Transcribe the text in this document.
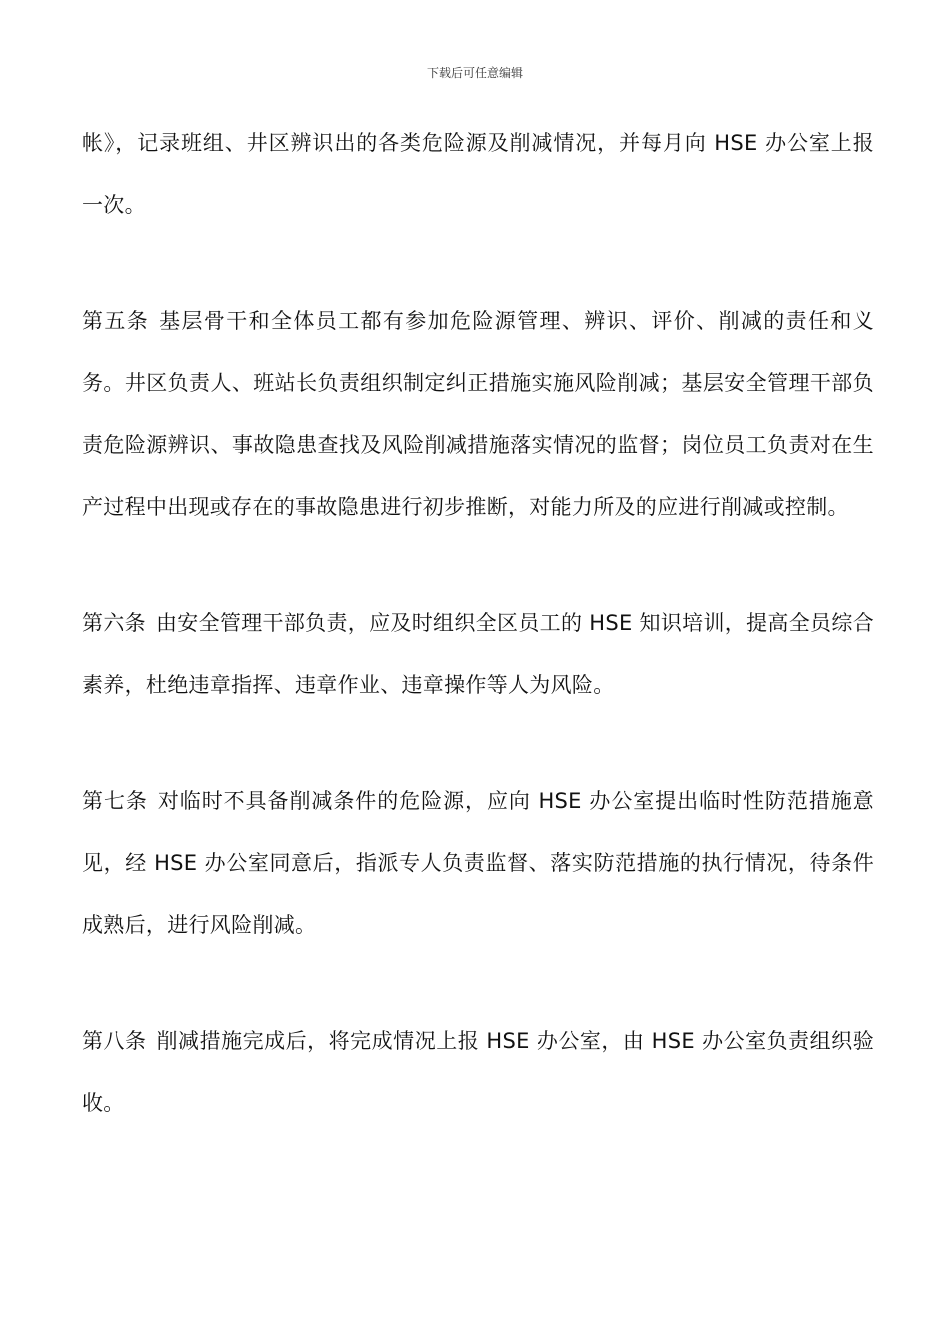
下载后可任意编辑

帐》，记录班组、井区辨识出的各类危险源及削减情况，并每月向 HSE 办公室上报一次。

第五条 基层骨干和全体员工都有参加危险源管理、辨识、评价、削减的责任和义务。井区负责人、班站长负责组织制定纠正措施实施风险削减；基层安全管理干部负责危险源辨识、事故隐患查找及风险削减措施落实情况的监督；岗位员工负责对在生产过程中出现或存在的事故隐患进行初步推断，对能力所及的应进行削减或控制。

第六条 由安全管理干部负责，应及时组织全区员工的 HSE 知识培训，提高全员综合素养，杜绝违章指挥、违章作业、违章操作等人为风险。

第七条 对临时不具备削减条件的危险源，应向 HSE 办公室提出临时性防范措施意见，经 HSE 办公室同意后，指派专人负责监督、落实防范措施的执行情况，待条件成熟后，进行风险削减。

第八条 削减措施完成后，将完成情况上报 HSE 办公室，由 HSE 办公室负责组织验收。
